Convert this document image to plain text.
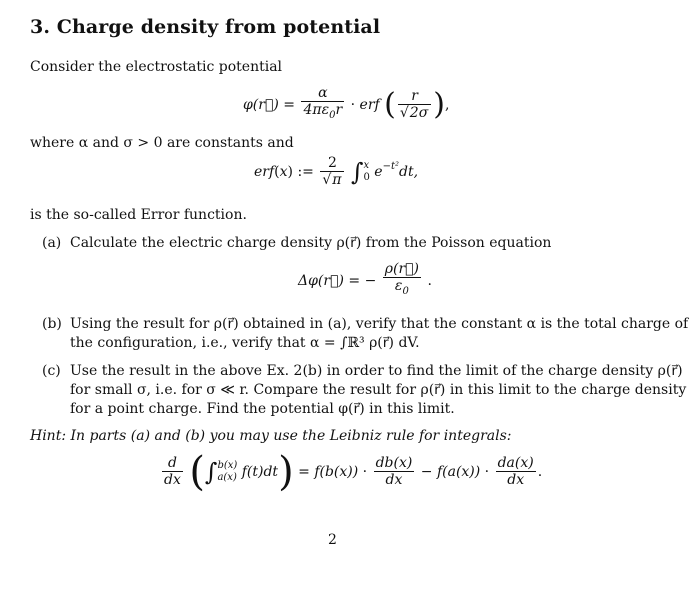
3. Charge density from potential
Consider the electrostatic potential
φ(r⃗) = $\frac{\alpha}{4\pi\varepsilon_0r}$ · erf ( $\frac{r}{√2\sigma}$ ),
where α and σ > 0 are constants and
erf(x) := $\frac{2}{√\pi}$ ∫ x
0 $e^{-t^2}dt$,
is the so-called Error function.
(a) Calculate the electric charge density ρ(r⃗) from the Poisson equation
Δφ(r⃗) = − $\frac{\rho(r⃗)}{\varepsilon_0}$ .
(b) Using the result for ρ(r⃗) obtained in (a), verify that the constant α is the total charge of
the configuration, i.e., verify that α = ∫ℝ³ ρ(r⃗) dV.
(c) Use the result in the above Ex. 2(b) in order to find the limit of the charge density ρ(r⃗)
for small σ, i.e. for σ ≪ r. Compare the result for ρ(r⃗) in this limit to the charge density
for a point charge. Find the potential φ(r⃗) in this limit.
Hint: In parts (a) and (b) you may use the Leibniz rule for integrals:
$\frac{d}{dx}$ (∫ b(x)
a(x) $f(t)dt) = f(b(x)) \cdot \frac{db(x)}{dx} - f(a(x)) \cdot \frac{da(x)}{dx}$ .
2
